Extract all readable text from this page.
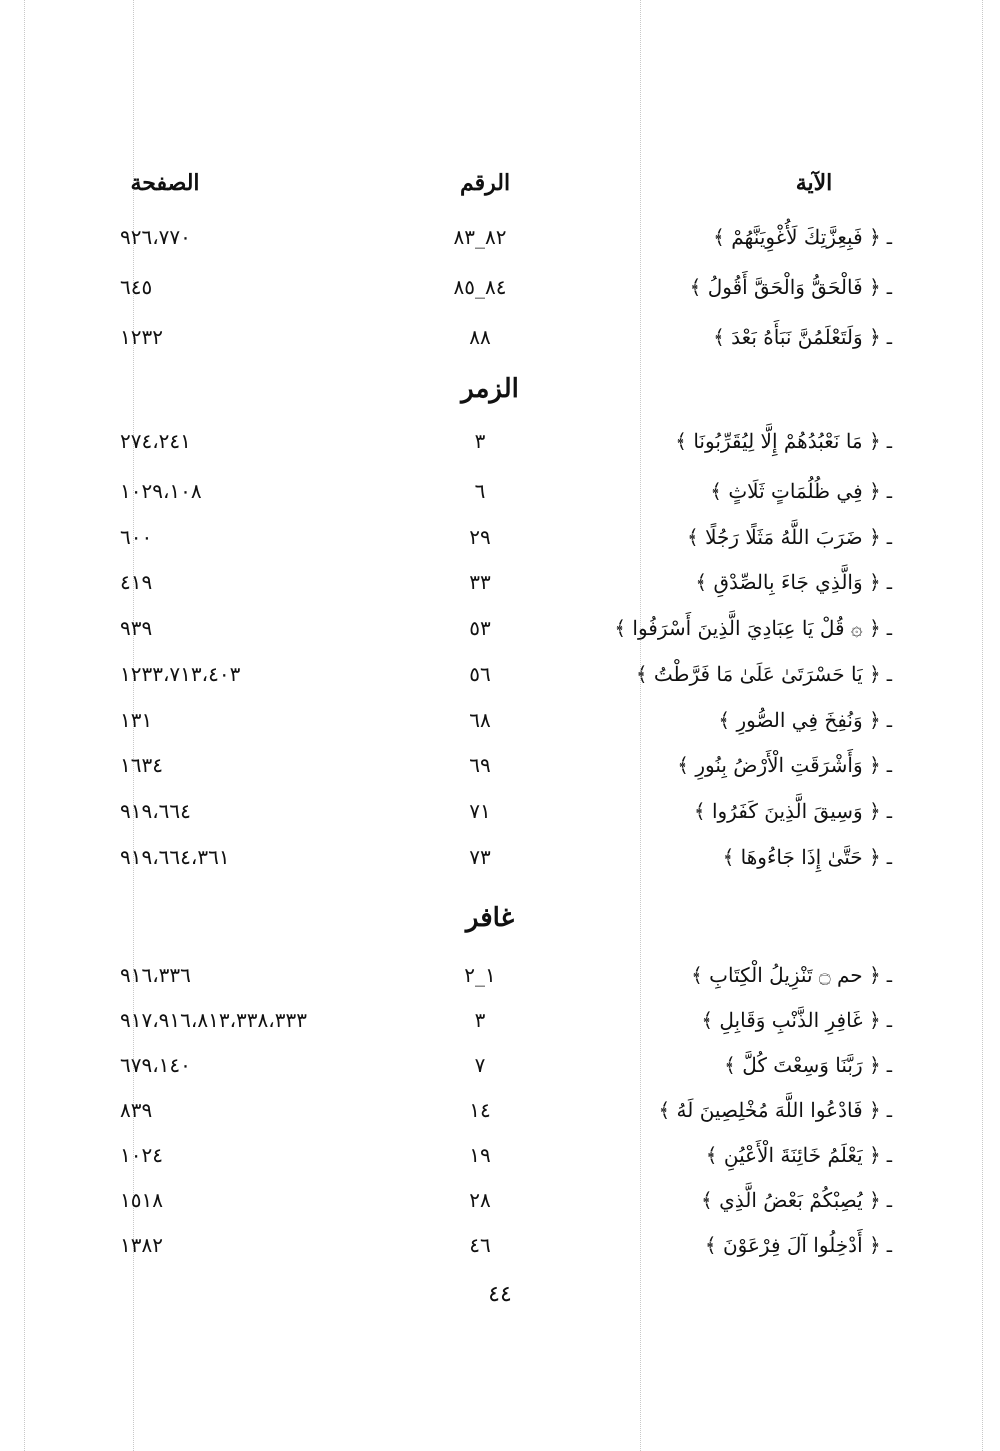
الآية
الرقم
الصفحة
ـ﴿ فَبِعِزَّتِكَ لَأُغْوِيَنَّهُمْ ﴾
٨٢_٨٣
٩٢٦،٧٧٠
ـ﴿ فَالْحَقُّ وَالْحَقَّ أَقُولُ ﴾
٨٤_٨٥
٦٤٥
ـ﴿ وَلَتَعْلَمُنَّ نَبَأَهُ بَعْدَ ﴾
٨٨
١٢٣٢
الزمر
ـ﴿ مَا نَعْبُدُهُمْ إِلَّا لِيُقَرِّبُونَا ﴾
٣
٢٧٤،٢٤١
ـ﴿ فِي ظُلُمَاتٍ ثَلَاثٍ ﴾
٦
١٠٢٩،١٠٨
ـ﴿ ضَرَبَ اللَّهُ مَثَلًا رَجُلًا ﴾
٢٩
٦٠٠
ـ﴿ وَالَّذِي جَاءَ بِالصِّدْقِ ﴾
٣٣
٤١٩
ـ﴿ ۞ قُلْ يَا عِبَادِيَ الَّذِينَ أَسْرَفُوا ﴾
٥٣
٩٣٩
ـ﴿ يَا حَسْرَتَىٰ عَلَىٰ مَا فَرَّطْتُ ﴾
٥٦
١٢٣٣،٧١٣،٤٠٣
ـ﴿ وَنُفِخَ فِي الصُّورِ ﴾
٦٨
١٣١
ـ﴿ وَأَشْرَقَتِ الْأَرْضُ بِنُورِ ﴾
٦٩
١٦٣٤
ـ﴿ وَسِيقَ الَّذِينَ كَفَرُوا ﴾
٧١
٩١٩،٦٦٤
ـ﴿ حَتَّىٰ إِذَا جَاءُوهَا ﴾
٧٣
٩١٩،٦٦٤،٣٦١
غافر
ـ﴿ حم ۝ تَنْزِيلُ الْكِتَابِ ﴾
١_٢
٩١٦،٣٣٦
ـ﴿ غَافِرِ الذَّنْبِ وَقَابِلِ ﴾
٣
٩١٧،٩١٦،٨١٣،٣٣٨،٣٣٣
ـ﴿ رَبَّنَا وَسِعْتَ كُلَّ ﴾
٧
٦٧٩،١٤٠
ـ﴿ فَادْعُوا اللَّهَ مُخْلِصِينَ لَهُ ﴾
١٤
٨٣٩
ـ﴿ يَعْلَمُ خَائِنَةَ الْأَعْيُنِ ﴾
١٩
١٠٢٤
ـ﴿ يُصِبْكُمْ بَعْضُ الَّذِي ﴾
٢٨
١٥١٨
ـ﴿ أَدْخِلُوا آلَ فِرْعَوْنَ ﴾
٤٦
١٣٨٢
٤٤
